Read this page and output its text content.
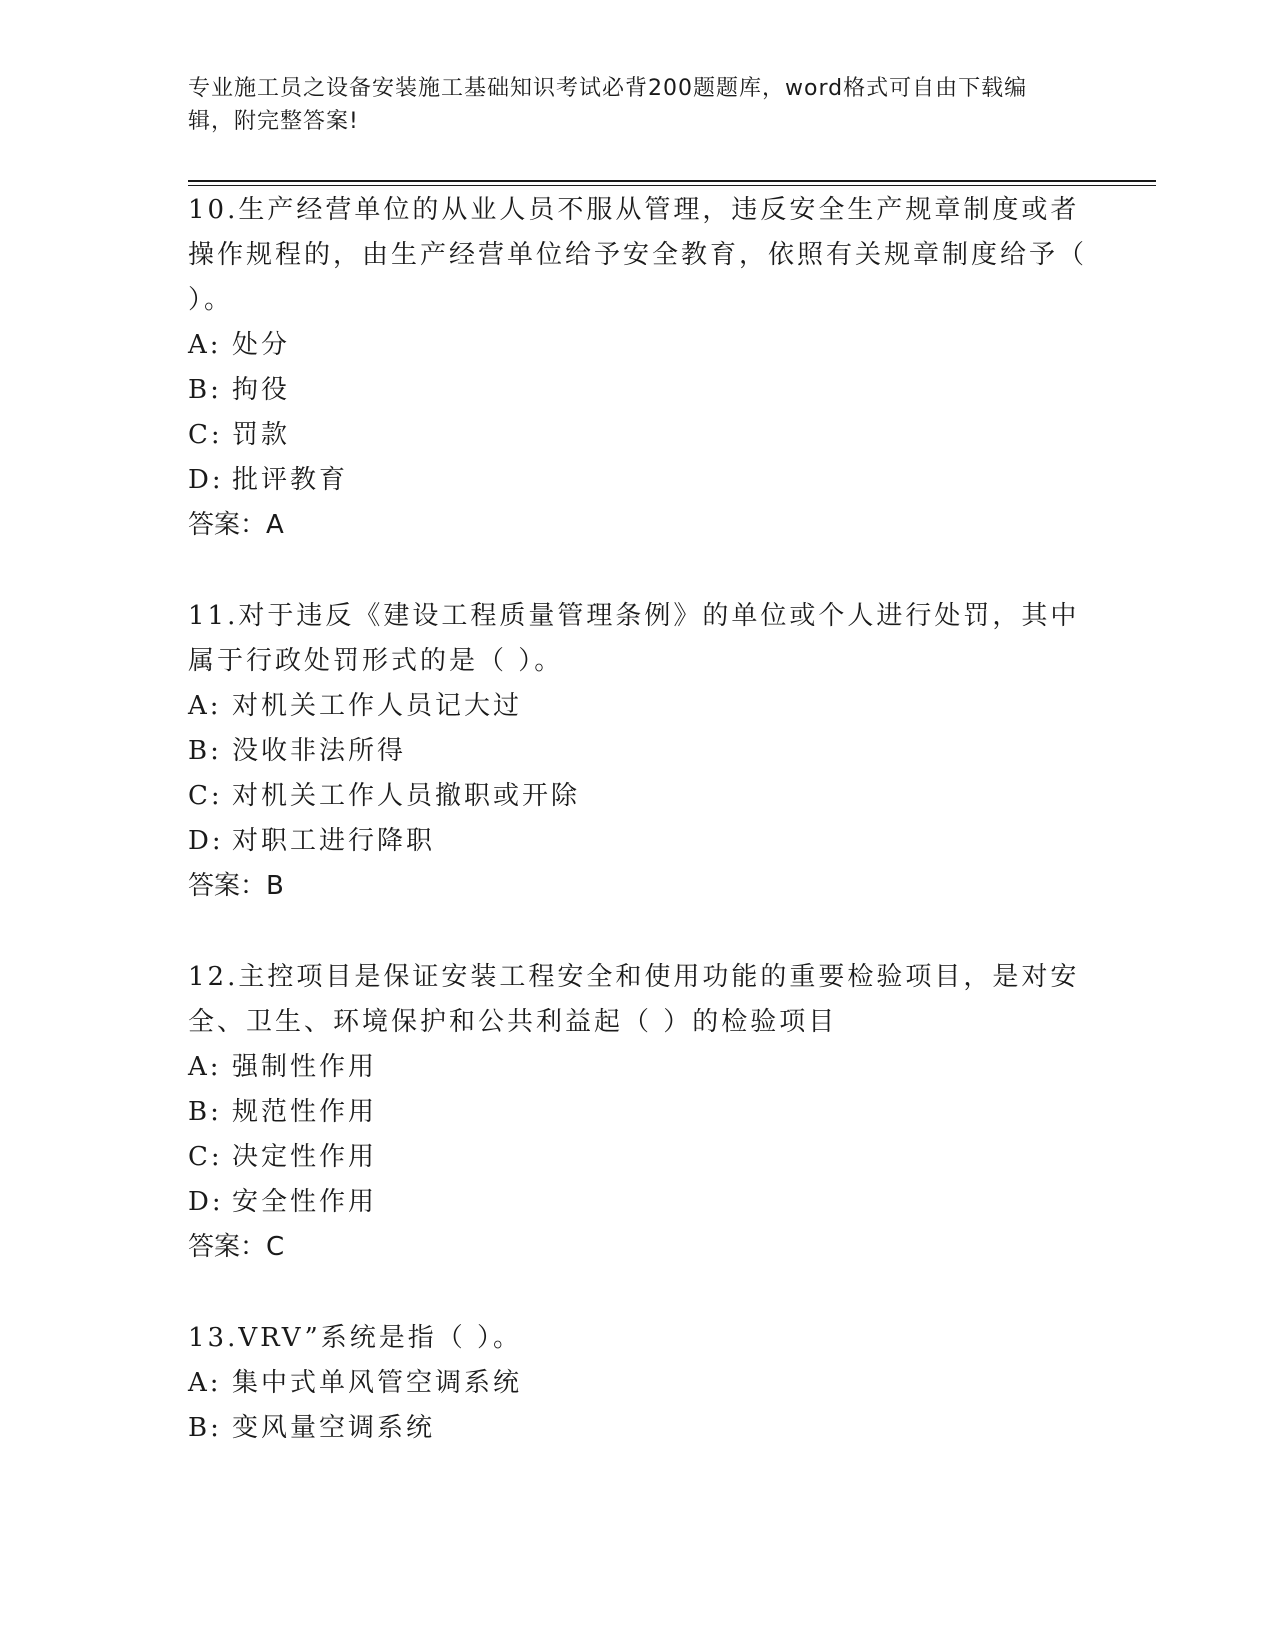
专业施工员之设备安装施工基础知识考试必背200题题库，word格式可自由下载编辑，附完整答案!

10.生产经营单位的从业人员不服从管理，违反安全生产规章制度或者操作规程的，由生产经营单位给予安全教育，依照有关规章制度给予（ ）。

A: 处分

B: 拘役

C: 罚款

D: 批评教育

答案：A

11.对于违反《建设工程质量管理条例》的单位或个人进行处罚，其中属于行政处罚形式的是（ ）。

A: 对机关工作人员记大过

B: 没收非法所得

C: 对机关工作人员撤职或开除

D: 对职工进行降职

答案：B

12.主控项目是保证安装工程安全和使用功能的重要检验项目，是对安全、卫生、环境保护和公共利益起（ ）的检验项目

A: 强制性作用

B: 规范性作用

C: 决定性作用

D: 安全性作用

答案：C

13.VRV”系统是指（ ）。

A: 集中式单风管空调系统

B: 变风量空调系统
